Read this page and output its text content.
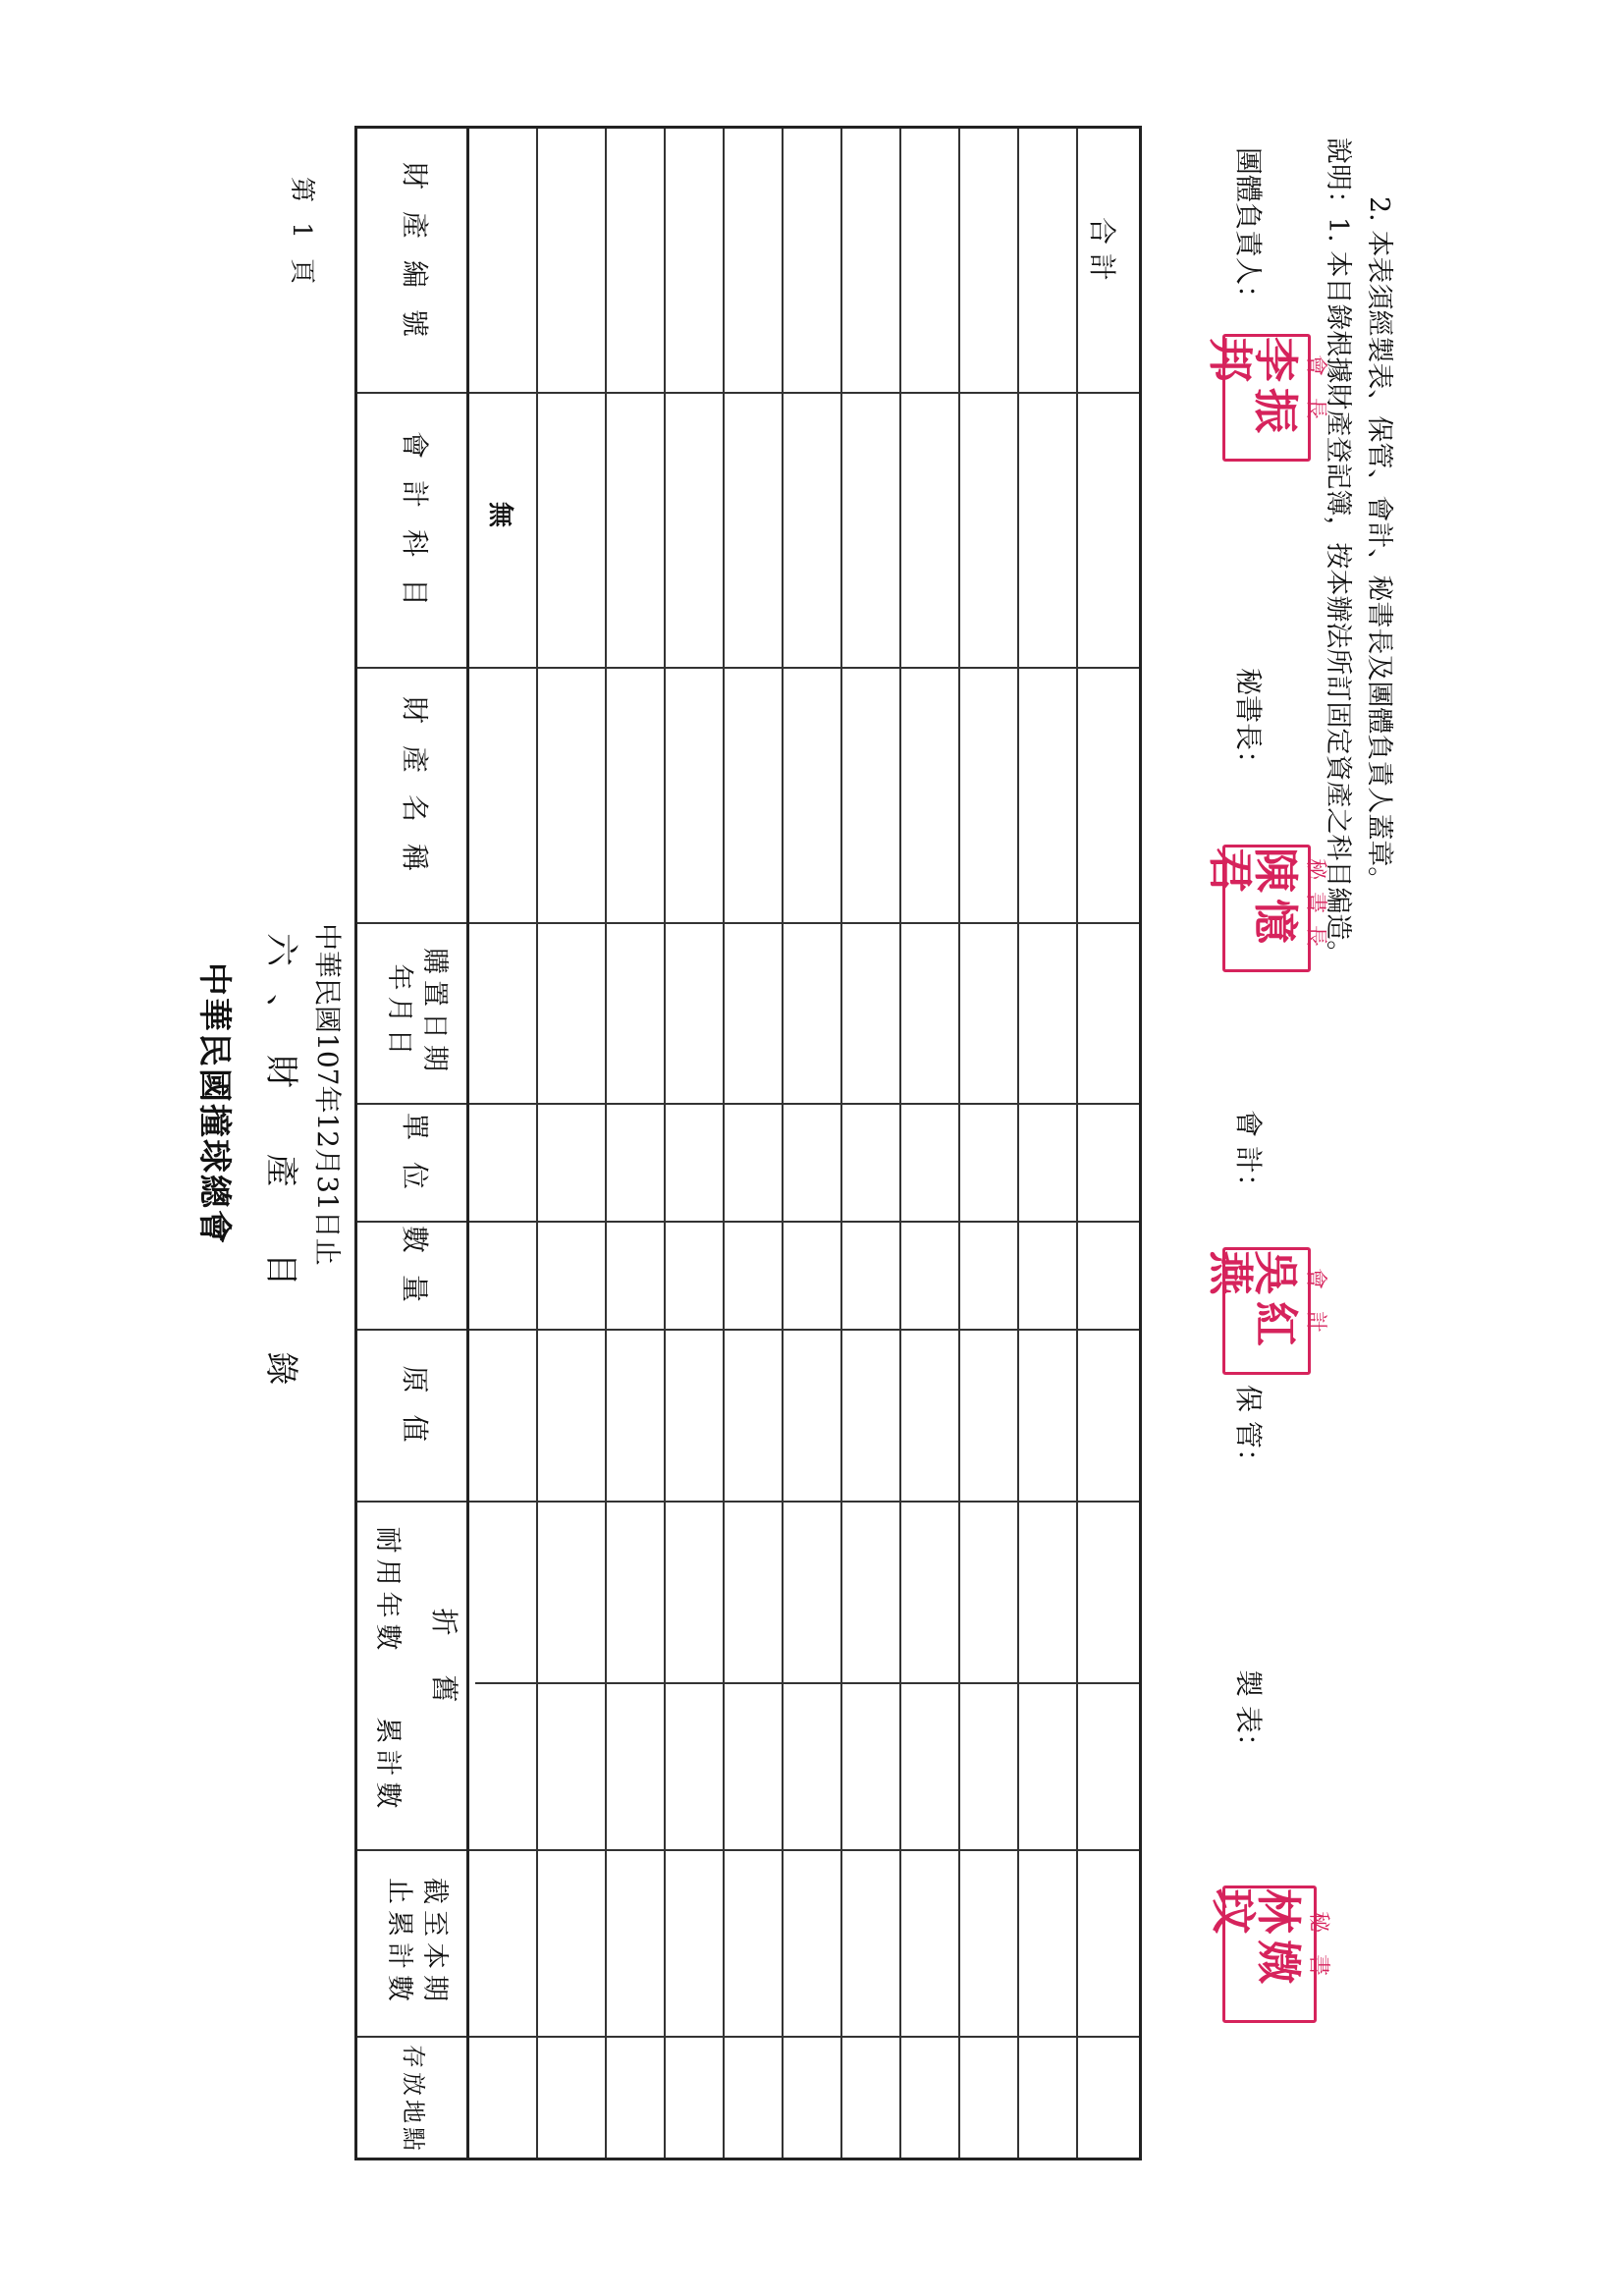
中華民國撞球總會 六、財 產 目 錄 中華民國107年12月31日止
第 1 頁	財產編號
會計科目
財產名稱
購置日期
年月日
單位
數量
原值
折舊
耐用年數
累計數
截至本期
止累計數
存放地點
無
合 計	團體負責人：
會長
李振邦
秘書長：
秘書長
陳憶君
會 計：
會計
吳紅燕
保 管：
製 表：
秘書
林媺玟
說明：1. 本目錄根據財產登記簿，按本辦法所訂固定資產之科目編造。 2. 本表須經製表、保管、會計、秘書長及團體負責人蓋章。
